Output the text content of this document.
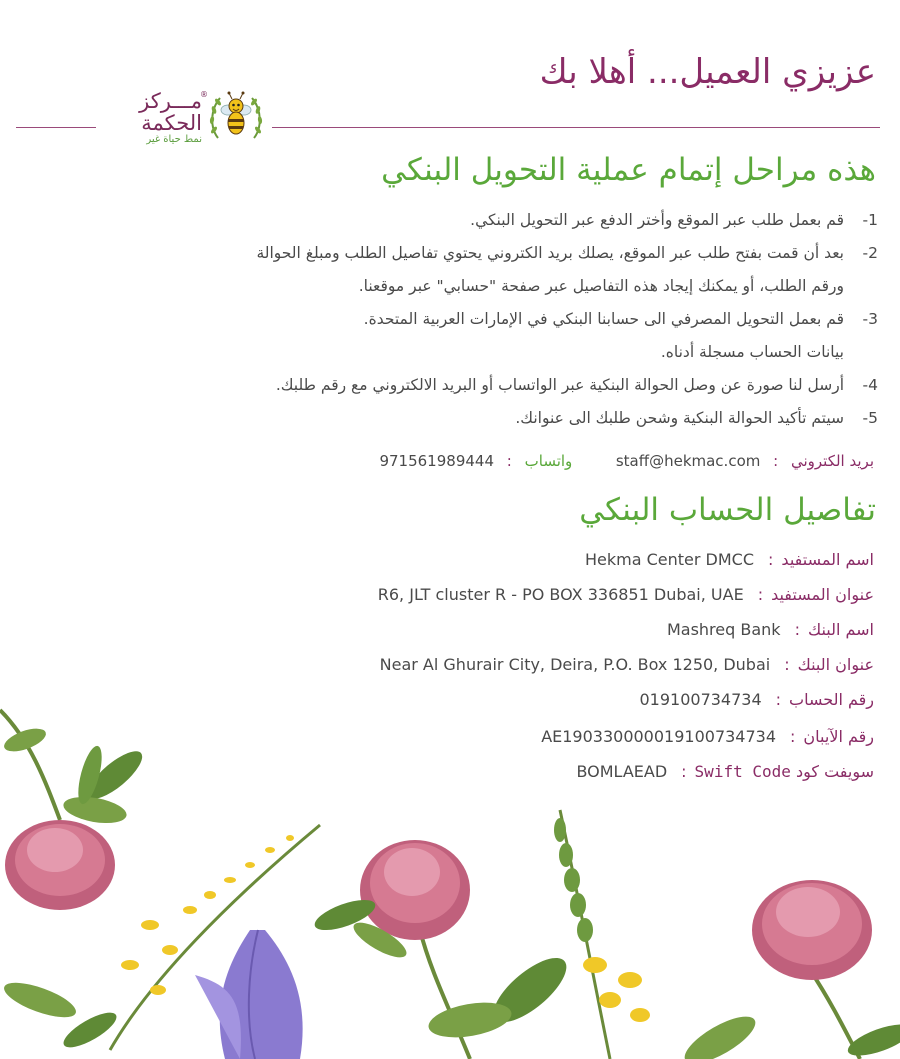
عزيزي العميل... أهلا بك
مـــركز
الحكمة
نمط حياة غير
®
هذه مراحل إتمام عملية التحويل البنكي
-1
قم بعمل طلب عبر الموقع وأختر الدفع عبر التحويل البنكي.
-2
بعد أن قمت بفتح طلب عبر الموقع، يصلك بريد الكتروني يحتوي تفاصيل الطلب ومبلغ الحوالة
ورقم الطلب، أو يمكنك إيجاد هذه التفاصيل عبر صفحة "حسابي" عبر موقعنا.
-3
قم بعمل التحويل المصرفي الى حسابنا البنكي في الإمارات العربية المتحدة.
بيانات الحساب مسجلة أدناه.
-4
أرسل لنا صورة عن وصل الحوالة البنكية عبر الواتساب أو البريد الالكتروني مع رقم طلبك.
-5
سيتم تأكيد الحوالة البنكية وشحن طلبك الى عنوانك.
بريد الكتروني : staff@hekmac.com  واتساب : 971561989444
تفاصيل الحساب البنكي
اسم المستفيد:Hekma Center DMCC
عنوان المستفيد:R6, JLT cluster R - PO BOX 336851 Dubai, UAE
اسم البنك:Mashreq Bank
عنوان البنك:Near Al Ghurair City, Deira, P.O. Box 1250, Dubai
رقم الحساب:019100734734
رقم الآيبان:AE190330000019100734734
سويفت كود Swift Code:BOMLAEAD
